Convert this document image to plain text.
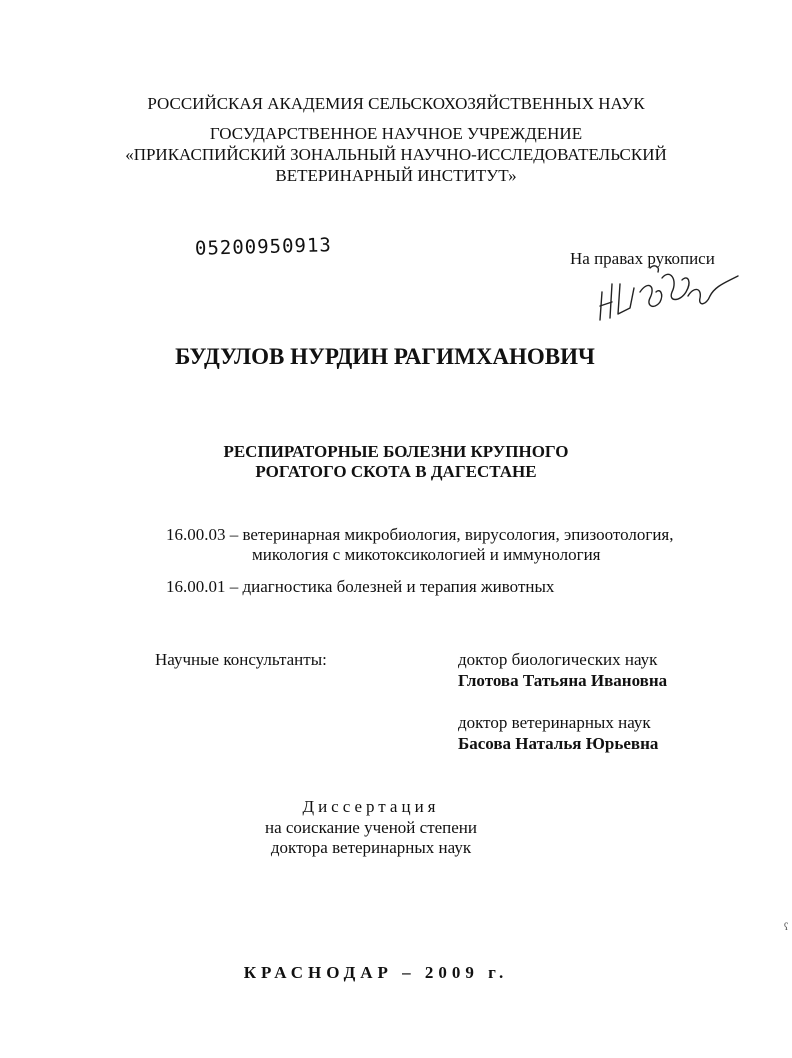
РОССИЙСКАЯ АКАДЕМИЯ СЕЛЬСКОХОЗЯЙСТВЕННЫХ НАУК
ГОСУДАРСТВЕННОЕ НАУЧНОЕ УЧРЕЖДЕНИЕ
«ПРИКАСПИЙСКИЙ ЗОНАЛЬНЫЙ НАУЧНО-ИССЛЕДОВАТЕЛЬСКИЙ
ВЕТЕРИНАРНЫЙ ИНСТИТУТ»
05200950913	На правах рукописи
БУДУЛОВ НУРДИН РАГИМХАНОВИЧ
РЕСПИРАТОРНЫЕ БОЛЕЗНИ КРУПНОГО
РОГАТОГО СКОТА В ДАГЕСТАНЕ
16.00.03 – ветеринарная микробиология, вирусология, эпизоотология,
микология с микотоксикологией и иммунология
16.00.01 – диагностика болезней и терапия животных
Научные консультанты:	доктор биологических наук
Глотова Татьяна Ивановна
доктор ветеринарных наук
Басова Наталья Юрьевна
Диссертация
на соискание ученой степени
доктора ветеринарных наук
КРАСНОДАР – 2009 г.
ʕ
